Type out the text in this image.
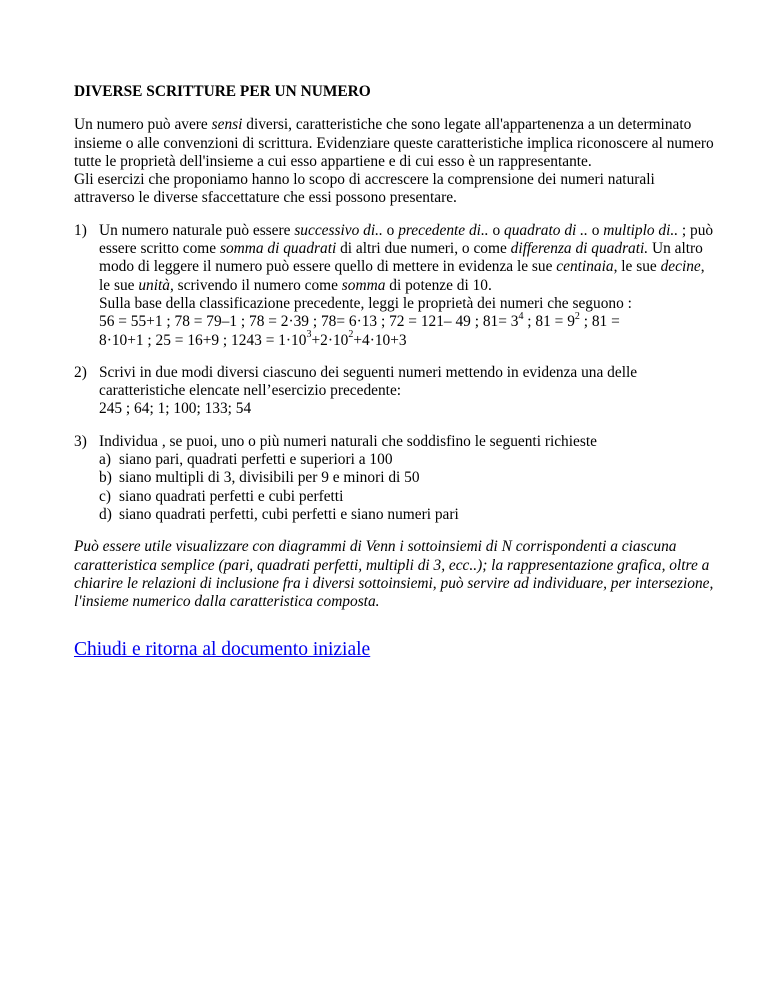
DIVERSE SCRITTURE PER UN NUMERO

Un numero può avere sensi diversi, caratteristiche che sono legate all'appartenenza a un determinato insieme o alle convenzioni di scrittura. Evidenziare queste caratteristiche implica riconoscere al numero tutte le proprietà dell'insieme a cui esso appartiene e di cui esso è un rappresentante.
Gli esercizi che proponiamo hanno lo scopo di accrescere la comprensione dei numeri naturali attraverso le diverse sfaccettature che essi possono presentare.

1) Un numero naturale può essere successivo di.. o precedente di.. o quadrato di .. o multiplo di.. ; può essere scritto come somma di quadrati di altri due numeri, o come differenza di quadrati. Un altro modo di leggere il numero può essere quello di mettere in evidenza le sue centinaia, le sue decine, le sue unità, scrivendo il numero come somma di potenze di 10.
Sulla base della classificazione precedente, leggi le proprietà dei numeri che seguono :
56 = 55+1 ; 78 = 79–1 ; 78 = 2·39 ; 78= 6·13 ; 72 = 121– 49 ; $81= 3^4$ ; $81 = 9^2$ ; 81 =
8·10+1 ; 25 = 16+9 ; $1243 = 1\cdot 10^3+2\cdot 10^2+4\cdot 10+3$
2) Scrivi in due modi diversi ciascuno dei seguenti numeri mettendo in evidenza una delle caratteristiche elencate nell’esercizio precedente:
245 ; 64; 1; 100; 133; 54
3) Individua , se puoi, uno o più numeri naturali che soddisfino le seguenti richieste
a) siano pari, quadrati perfetti e superiori a 100
b) siano multipli di 3, divisibili per 9 e minori di 50
c) siano quadrati perfetti e cubi perfetti
d) siano quadrati perfetti, cubi perfetti e siano numeri pari

Può essere utile visualizzare con diagrammi di Venn i sottoinsiemi di N corrispondenti a ciascuna caratteristica semplice (pari, quadrati perfetti, multipli di 3, ecc..); la rappresentazione grafica, oltre a chiarire le relazioni di inclusione fra i diversi sottoinsiemi, può servire ad individuare, per intersezione, l'insieme numerico dalla caratteristica composta.

Chiudi e ritorna al documento iniziale
